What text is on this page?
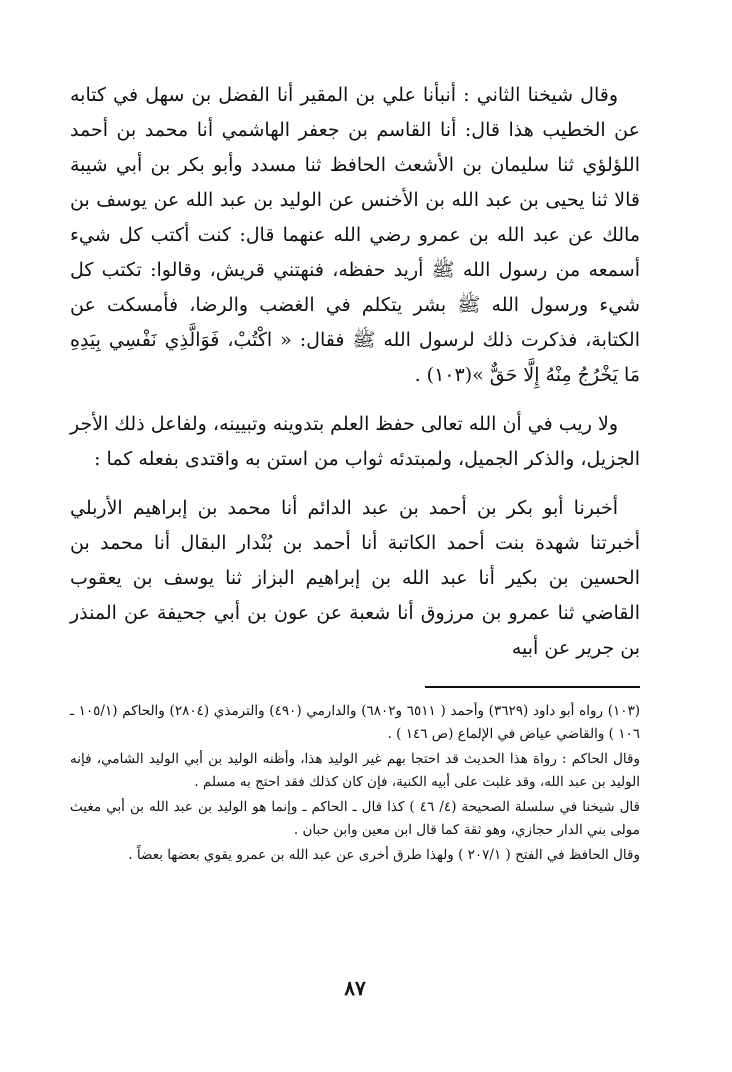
وقال شيخنا الثاني : أنبأنا علي بن المقير أنا الفضل بن سهل في كتابه عن الخطيب هذا قال: أنا القاسم بن جعفر الهاشمي أنا محمد بن أحمد اللؤلؤي ثنا سليمان بن الأشعث الحافظ ثنا مسدد وأبو بكر بن أبي شيبة قالا ثنا يحيى بن عبد الله بن الأخنس عن الوليد بن عبد الله عن يوسف بن مالك عن عبد الله بن عمرو رضي الله عنهما قال: كنت أكتب كل شيء أسمعه من رسول الله ﷺ أريد حفظه، فنهتني قريش، وقالوا: تكتب كل شيء ورسول الله ﷺ بشر يتكلم في الغضب والرضا، فأمسكت عن الكتابة، فذكرت ذلك لرسول الله ﷺ فقال: « اكْتُبْ، فَوَالَّذِي نَفْسِي بِيَدِهِ مَا يَخْرُجُ مِنْهُ إِلَّا حَقٌّ »(١٠٣) .

ولا ريب في أن الله تعالى حفظ العلم بتدوينه وتبيينه، ولفاعل ذلك الأجر الجزيل، والذكر الجميل، ولمبتدئه ثواب من استن به واقتدى بفعله كما :

أخبرنا أبو بكر بن أحمد بن عبد الدائم أنا محمد بن إبراهيم الأربلي أخبرتنا شهدة بنت أحمد الكاتبة أنا أحمد بن بُنْدار البقال أنا محمد بن الحسين بن بكير أنا عبد الله بن إبراهيم البزاز ثنا يوسف بن يعقوب القاضي ثنا عمرو بن مرزوق أنا شعبة عن عون بن أبي جحيفة عن المنذر بن جرير عن أبيه

(١٠٣) رواه أبو داود (٣٦٢٩) وأحمد ( ٦٥١١ و٦٨٠٢) والدارمي (٤٩٠) والترمذي (٢٨٠٤) والحاكم (١٠٥/١ ـ ١٠٦ ) والقاضي عياض في الإلماع (ص ١٤٦ ) .

وقال الحاكم : رواة هذا الحديث قد احتجا بهم غير الوليد هذا، وأظنه الوليد بن أبي الوليد الشامي، فإنه الوليد بن عبد الله، وقد غلبت على أبيه الكنية، فإن كان كذلك فقد احتج به مسلم .

قال شيخنا في سلسلة الصحيحة (٤/ ٤٦ ) كذا قال ـ الحاكم ـ وإنما هو الوليد بن عبد الله بن أبي مغيث مولى بني الدار حجازي، وهو ثقة كما قال ابن معين وابن حبان .

وقال الحافظ في الفتح ( ٢٠٧/١ ) ولهذا طرق أخرى عن عبد الله بن عمرو يقوي بعضها بعضاً .

٨٧
